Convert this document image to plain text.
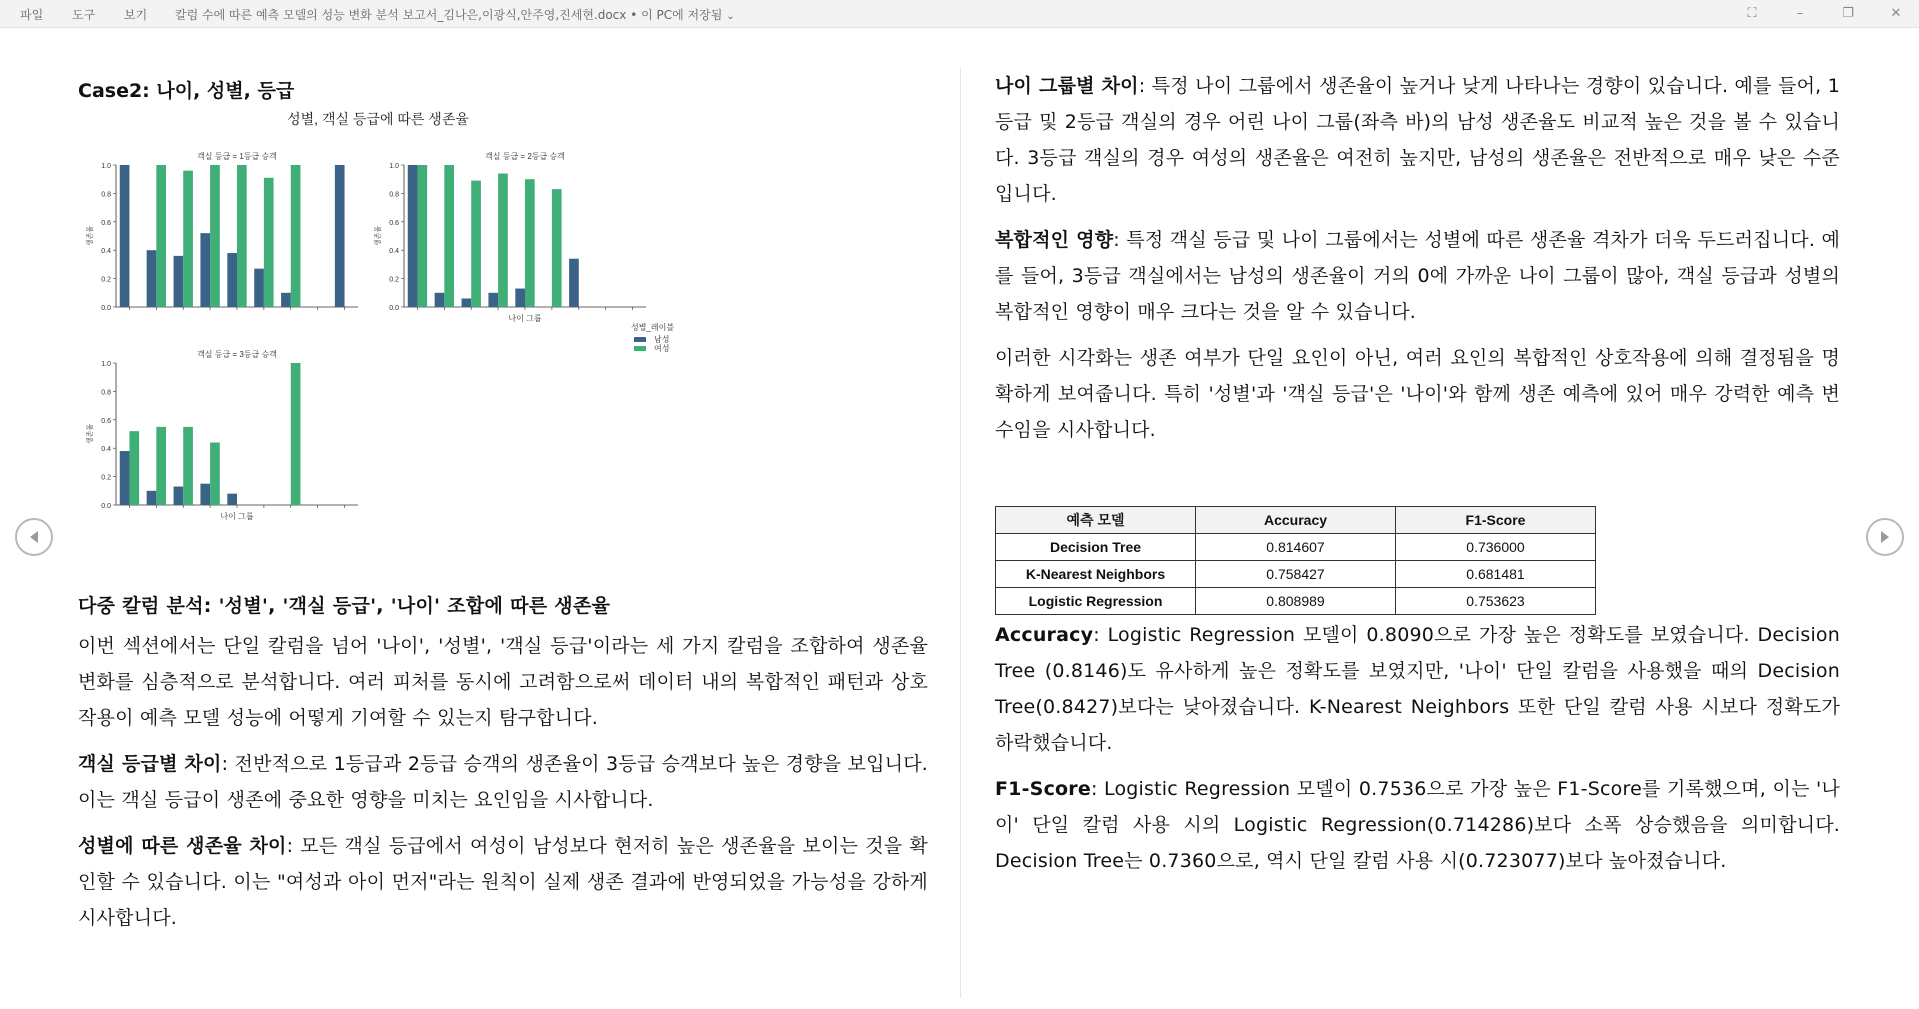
파일 도구 보기 칼럼 수에 따른 예측 모델의 성능 변화 분석 보고서_김나은,이광식,안주영,진세현.docx • 이 PC에 저장됨 ⌄	⛶	–	❐	✕
Case2: 나이, 성별, 등급
성별, 객실 등급에 따른 생존율
객실 등급 = 1등급 승객
0.0
0.2
0.4
0.6
0.8
1.0
생존율
객실 등급 = 2등급 승객
0.0
0.2
0.4
0.6
0.8
1.0
생존율
나이 그룹
객실 등급 = 3등급 승객
0.0
0.2
0.4
0.6
0.8
1.0
생존율
나이 그룹
성별_레이블
남성
여성
다중 칼럼 분석: '성별', '객실 등급', '나이' 조합에 따른 생존율

이번 섹션에서는 단일 칼럼을 넘어 '나이', '성별', '객실 등급'이라는 세 가지 칼럼을 조합하여 생존율 변화를 심층적으로 분석합니다. 여러 피처를 동시에 고려함으로써 데이터 내의 복합적인 패턴과 상호작용이 예측 모델 성능에 어떻게 기여할 수 있는지 탐구합니다.

객실 등급별 차이: 전반적으로 1등급과 2등급 승객의 생존율이 3등급 승객보다 높은 경향을 보입니다. 이는 객실 등급이 생존에 중요한 영향을 미치는 요인임을 시사합니다.

성별에 따른 생존율 차이: 모든 객실 등급에서 여성이 남성보다 현저히 높은 생존율을 보이는 것을 확인할 수 있습니다. 이는 "여성과 아이 먼저"라는 원칙이 실제 생존 결과에 반영되었을 가능성을 강하게 시사합니다.

나이 그룹별 차이: 특정 나이 그룹에서 생존율이 높거나 낮게 나타나는 경향이 있습니다. 예를 들어, 1등급 및 2등급 객실의 경우 어린 나이 그룹(좌측 바)의 남성 생존율도 비교적 높은 것을 볼 수 있습니다. 3등급 객실의 경우 여성의 생존율은 여전히 높지만, 남성의 생존율은 전반적으로 매우 낮은 수준입니다.

복합적인 영향: 특정 객실 등급 및 나이 그룹에서는 성별에 따른 생존율 격차가 더욱 두드러집니다. 예를 들어, 3등급 객실에서는 남성의 생존율이 거의 0에 가까운 나이 그룹이 많아, 객실 등급과 성별의 복합적인 영향이 매우 크다는 것을 알 수 있습니다.

이러한 시각화는 생존 여부가 단일 요인이 아닌, 여러 요인의 복합적인 상호작용에 의해 결정됨을 명확하게 보여줍니다. 특히 '성별'과 '객실 등급'은 '나이'와 함께 생존 예측에 있어 매우 강력한 예측 변수임을 시사합니다.

예측 모델	Accuracy	F1-Score
Decision Tree	0.814607	0.736000
K-Nearest Neighbors	0.758427	0.681481
Logistic Regression	0.808989	0.753623

Accuracy: Logistic Regression 모델이 0.8090으로 가장 높은 정확도를 보였습니다. Decision Tree (0.8146)도 유사하게 높은 정확도를 보였지만, '나이' 단일 칼럼을 사용했을 때의 Decision Tree(0.8427)보다는 낮아졌습니다. K-Nearest Neighbors 또한 단일 칼럼 사용 시보다 정확도가 하락했습니다.

F1-Score: Logistic Regression 모델이 0.7536으로 가장 높은 F1-Score를 기록했으며, 이는 '나이' 단일 칼럼 사용 시의 Logistic Regression(0.714286)보다 소폭 상승했음을 의미합니다. Decision Tree는 0.7360으로, 역시 단일 칼럼 사용 시(0.723077)보다 높아졌습니다.
